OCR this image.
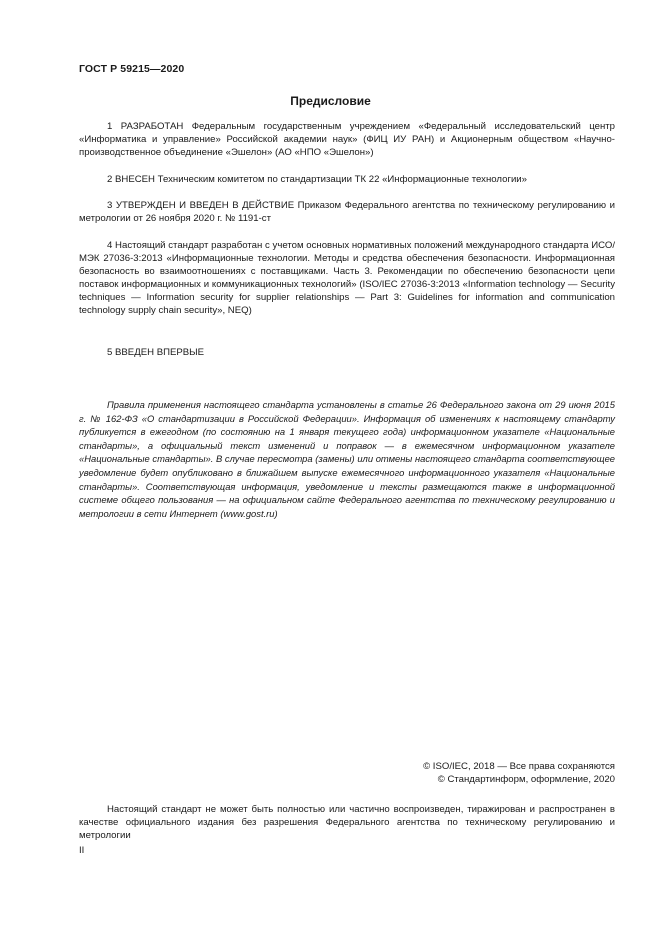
ГОСТ Р 59215—2020
Предисловие

1 РАЗРАБОТАН Федеральным государственным учреждением «Федеральный исследовательский центр «Информатика и управление» Российской академии наук» (ФИЦ ИУ РАН) и Акционерным обществом «Научно-производственное объединение «Эшелон» (АО «НПО «Эшелон»)

2 ВНЕСЕН Техническим комитетом по стандартизации ТК 22 «Информационные технологии»

3 УТВЕРЖДЕН И ВВЕДЕН В ДЕЙСТВИЕ Приказом Федерального агентства по техническому регулированию и метрологии от 26 ноября 2020 г. № 1191-ст

4 Настоящий стандарт разработан с учетом основных нормативных положений международного стандарта ИСО/МЭК 27036-3:2013 «Информационные технологии. Методы и средства обеспечения безопасности. Информационная безопасность во взаимоотношениях с поставщиками. Часть 3. Рекомендации по обеспечению безопасности цепи поставок информационных и коммуникационных технологий» (ISO/IEC 27036-3:2013 «Information technology — Security techniques — Information security for supplier relationships — Part 3: Guidelines for information and communication technology supply chain security», NEQ)

5 ВВЕДЕН ВПЕРВЫЕ

Правила применения настоящего стандарта установлены в статье 26 Федерального закона от 29 июня 2015 г. № 162-ФЗ «О стандартизации в Российской Федерации». Информация об изменениях к настоящему стандарту публикуется в ежегодном (по состоянию на 1 января текущего года) информационном указателе «Национальные стандарты», а официальный текст изменений и поправок — в ежемесячном информационном указателе «Национальные стандарты». В случае пересмотра (замены) или отмены настоящего стандарта соответствующее уведомление будет опубликовано в ближайшем выпуске ежемесячного информационного указателя «Национальные стандарты». Соответствующая информация, уведомление и тексты размещаются также в информационной системе общего пользования — на официальном сайте Федерального агентства по техническому регулированию и метрологии в сети Интернет (www.gost.ru)
© ISO/IEC, 2018 — Все права сохраняются
© Стандартинформ, оформление, 2020
Настоящий стандарт не может быть полностью или частично воспроизведен, тиражирован и распространен в качестве официального издания без разрешения Федерального агентства по техническому регулированию и метрологии
II
